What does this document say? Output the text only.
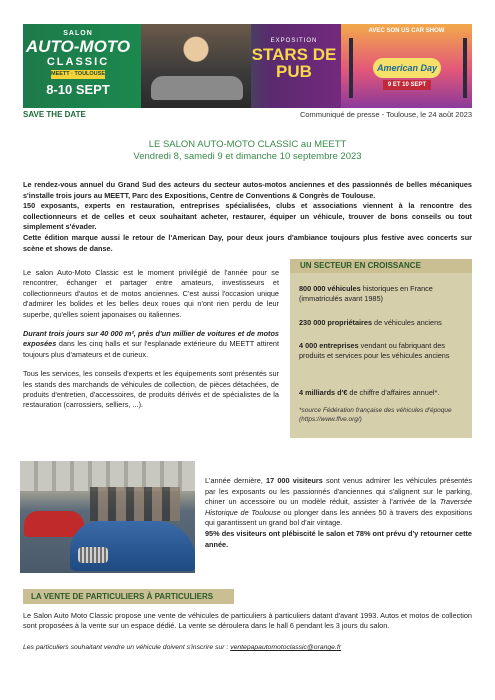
SALON
AUTO-MOTO
CLASSIC
MEETT · TOULOUSE
8-10 SEPT
EXPOSITION
STARS DE PUB
AVEC SON US CAR SHOW
American Day
9 ET 10 SEPT
SAVE THE DATE	Communiqué de presse - Toulouse, le 24 août 2023
LE SALON AUTO-MOTO CLASSIC au MEETT
Vendredi 8, samedi 9 et dimanche 10 septembre 2023

Le rendez-vous annuel du Grand Sud des acteurs du secteur autos-motos anciennes et des passionnés de belles mécaniques s'installe trois jours au MEETT, Parc des Expositions, Centre de Conventions & Congrès de Toulouse.

150 exposants, experts en restauration, entreprises spécialisées, clubs et associations viennent à la rencontre des collectionneurs et de celles et ceux souhaitant acheter, restaurer, équiper un véhicule, trouver de bons conseils ou tout simplement s'évader.

Cette édition marque aussi le retour de l'American Day, pour deux jours d'ambiance toujours plus festive avec concerts sur scène et shows de danse.

Le salon Auto-Moto Classic est le moment privilégié de l'année pour se rencontrer, échanger et partager entre amateurs, investisseurs et collectionneurs d'autos et de motos anciennes. C'est aussi l'occasion unique d'admirer les bolides et les belles deux roues qui n'ont rien perdu de leur superbe, qu'elles soient japonaises ou italiennes.

Durant trois jours sur 40 000 m², près d'un millier de voitures et de motos exposées dans les cinq halls et sur l'esplanade extérieure du MEETT attirent toujours plus d'amateurs et de curieux.

Tous les services, les conseils d'experts et les équipements sont présentés sur les stands des marchands de véhicules de collection, de pièces détachées, de produits d'entretien, d'accessoires, de produits dérivés et de spécialistes de la restauration (carrossiers, selliers, ...).

UN SECTEUR EN CROISSANCE
800 000 véhicules historiques en France (immatriculés avant 1985)
230 000 propriétaires de véhicules anciens
4 000 entreprises vendant ou fabriquant des produits et services pour les véhicules anciens
4 milliards d'€ de chiffre d'affaires annuel*.
*source Fédération française des véhicules d'époque (https://www.ffve.org/)

L'année dernière, 17 000 visiteurs sont venus admirer les véhicules présentés par les exposants ou les passionnés d'anciennes qui s'alignent sur le parking, chiner un accessoire ou un modèle réduit, assister à l'arrivée de la Traversée Historique de Toulouse ou plonger dans les années 50 à travers des expositions qui garantissent un grand bol d'air vintage.

95% des visiteurs ont plébiscité le salon et 78% ont prévu d'y retourner cette année.

LA VENTE DE PARTICULIERS À PARTICULIERS
Le Salon Auto Moto Classic propose une vente de véhicules de particuliers à particuliers datant d'avant 1993. Autos et motos de collection sont proposées à la vente sur un espace dédié. La vente se déroulera dans le hall 6 pendant les 3 jours du salon.
Les particuliers souhaitant vendre un véhicule doivent s'inscrire sur : ventepapautomotoclassic@orange.fr
